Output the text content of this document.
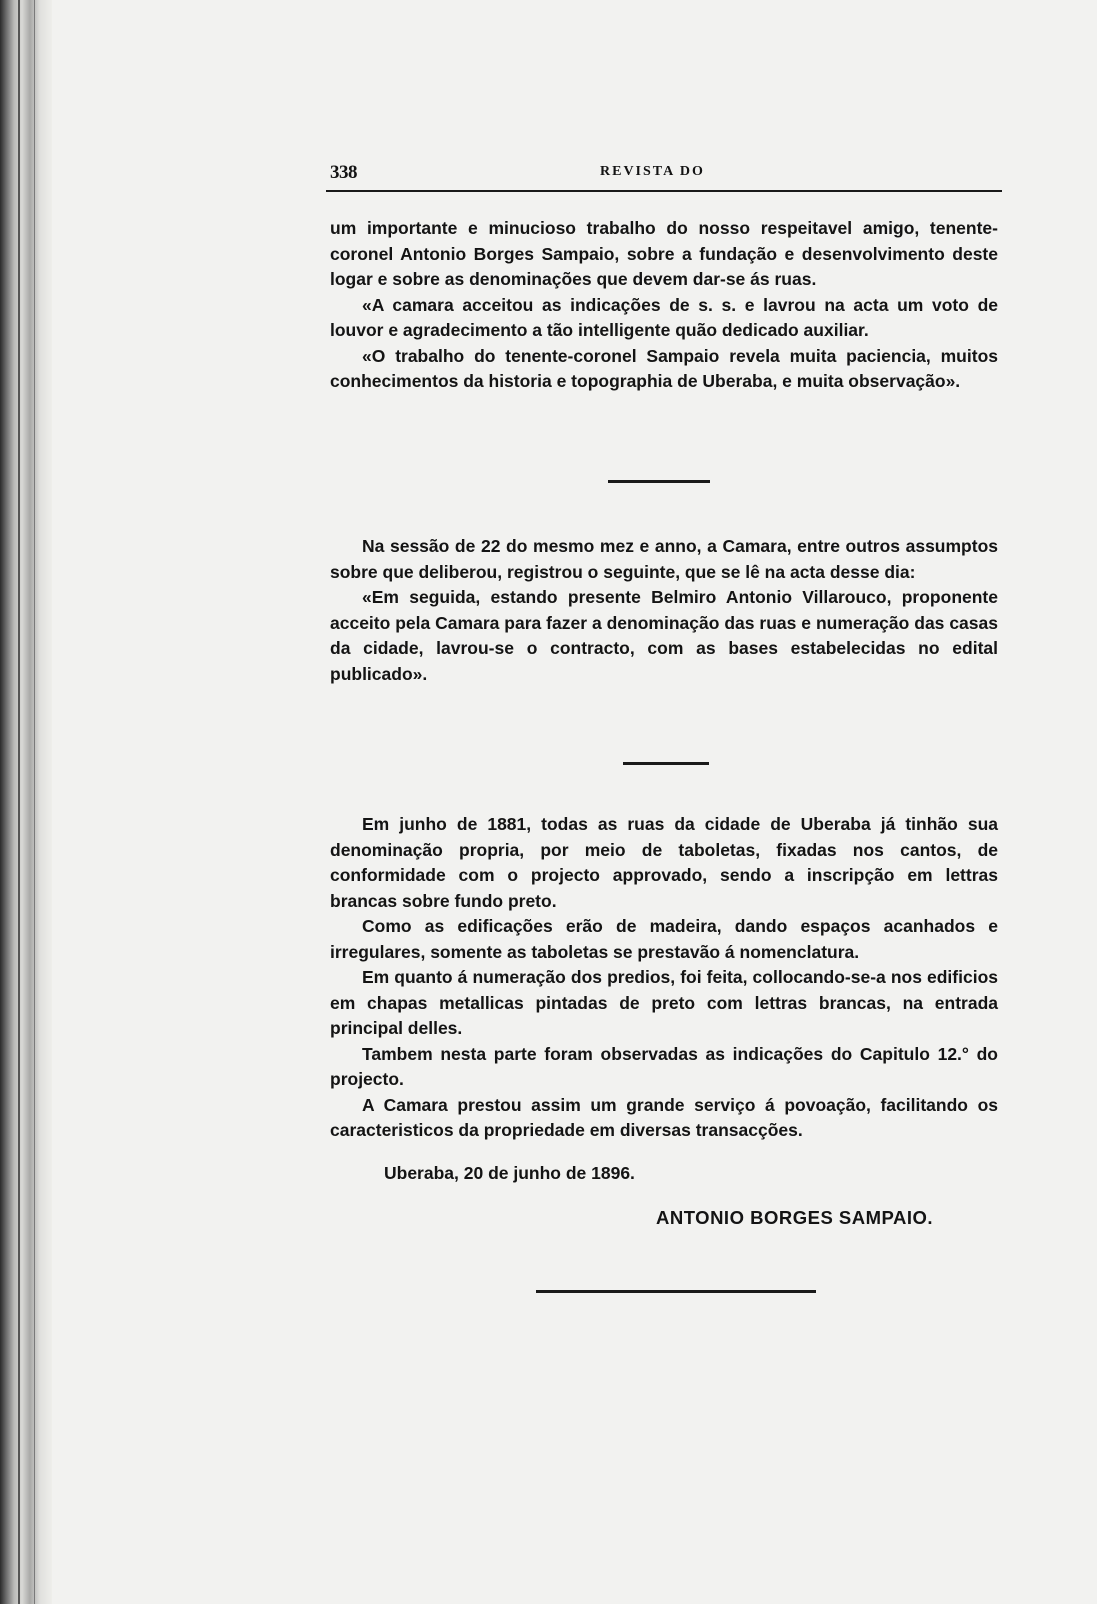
338	REVISTA DO

um importante e minucioso trabalho do nosso respeitavel amigo, tenente-coronel Antonio Borges Sampaio, sobre a fundação e desenvolvimento deste logar e sobre as denominações que devem dar-se ás ruas.

«A camara acceitou as indicações de s. s. e lavrou na acta um voto de louvor e agradecimento a tão intelligente quão dedicado auxiliar.

«O trabalho do tenente-coronel Sampaio revela muita paciencia, muitos conhecimentos da historia e topographia de Uberaba, e muita observação».

Na sessão de 22 do mesmo mez e anno, a Camara, entre outros assumptos sobre que deliberou, registrou o seguinte, que se lê na acta desse dia:

«Em seguida, estando presente Belmiro Antonio Villarouco, proponente acceito pela Camara para fazer a denominação das ruas e numeração das casas da cidade, lavrou-se o contracto, com as bases estabelecidas no edital publicado».

Em junho de 1881, todas as ruas da cidade de Uberaba já tinhão sua denominação propria, por meio de taboletas, fixadas nos cantos, de conformidade com o projecto approvado, sendo a inscripção em lettras brancas sobre fundo preto.

Como as edificações erão de madeira, dando espaços acanhados e irregulares, somente as taboletas se prestavão á nomenclatura.

Em quanto á numeração dos predios, foi feita, collocando-se-a nos edificios em chapas metallicas pintadas de preto com lettras brancas, na entrada principal delles.

Tambem nesta parte foram observadas as indicações do Capitulo 12.° do projecto.

A Camara prestou assim um grande serviço á povoação, facilitando os caracteristicos da propriedade em diversas transacções.

Uberaba, 20 de junho de 1896.
ANTONIO BORGES SAMPAIO.
